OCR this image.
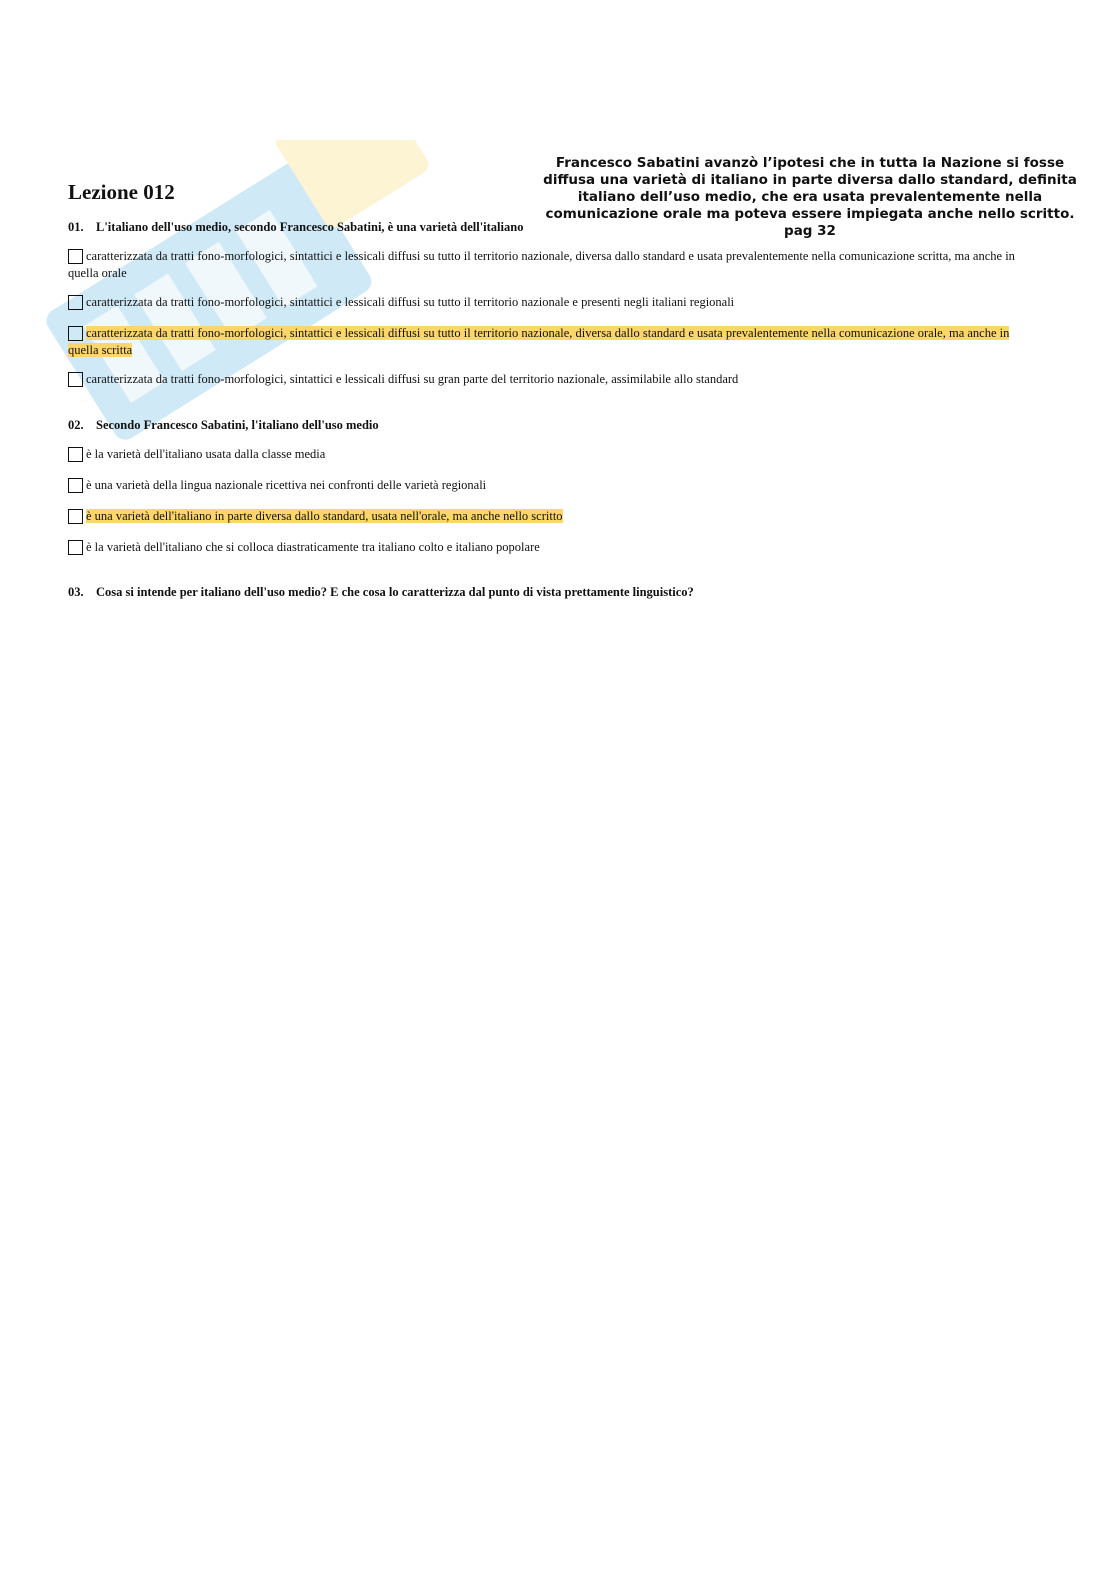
Lezione 012
Francesco Sabatini avanzò l’ipotesi che in tutta la Nazione si fosse diffusa una varietà di italiano in parte diversa dallo standard, definita italiano dell’uso medio, che era usata prevalentemente nella comunicazione orale ma poteva essere impiegata anche nello scritto. pag 32
01. L'italiano dell'uso medio, secondo Francesco Sabatini, è una varietà dell'italiano
caratterizzata da tratti fono-morfologici, sintattici e lessicali diffusi su tutto il territorio nazionale, diversa dallo standard e usata prevalentemente nella comunicazione scritta, ma anche in quella orale
caratterizzata da tratti fono-morfologici, sintattici e lessicali diffusi su tutto il territorio nazionale e presenti negli italiani regionali
caratterizzata da tratti fono-morfologici, sintattici e lessicali diffusi su tutto il territorio nazionale, diversa dallo standard e usata prevalentemente nella comunicazione orale, ma anche in quella scritta
caratterizzata da tratti fono-morfologici, sintattici e lessicali diffusi su gran parte del territorio nazionale, assimilabile allo standard
02. Secondo Francesco Sabatini, l'italiano dell'uso medio
è la varietà dell'italiano usata dalla classe media
è una varietà della lingua nazionale ricettiva nei confronti delle varietà regionali
è una varietà dell'italiano in parte diversa dallo standard, usata nell'orale, ma anche nello scritto
è la varietà dell'italiano che si colloca diastraticamente tra italiano colto e italiano popolare
03. Cosa si intende per italiano dell'uso medio? E che cosa lo caratterizza dal punto di vista prettamente linguistico?
